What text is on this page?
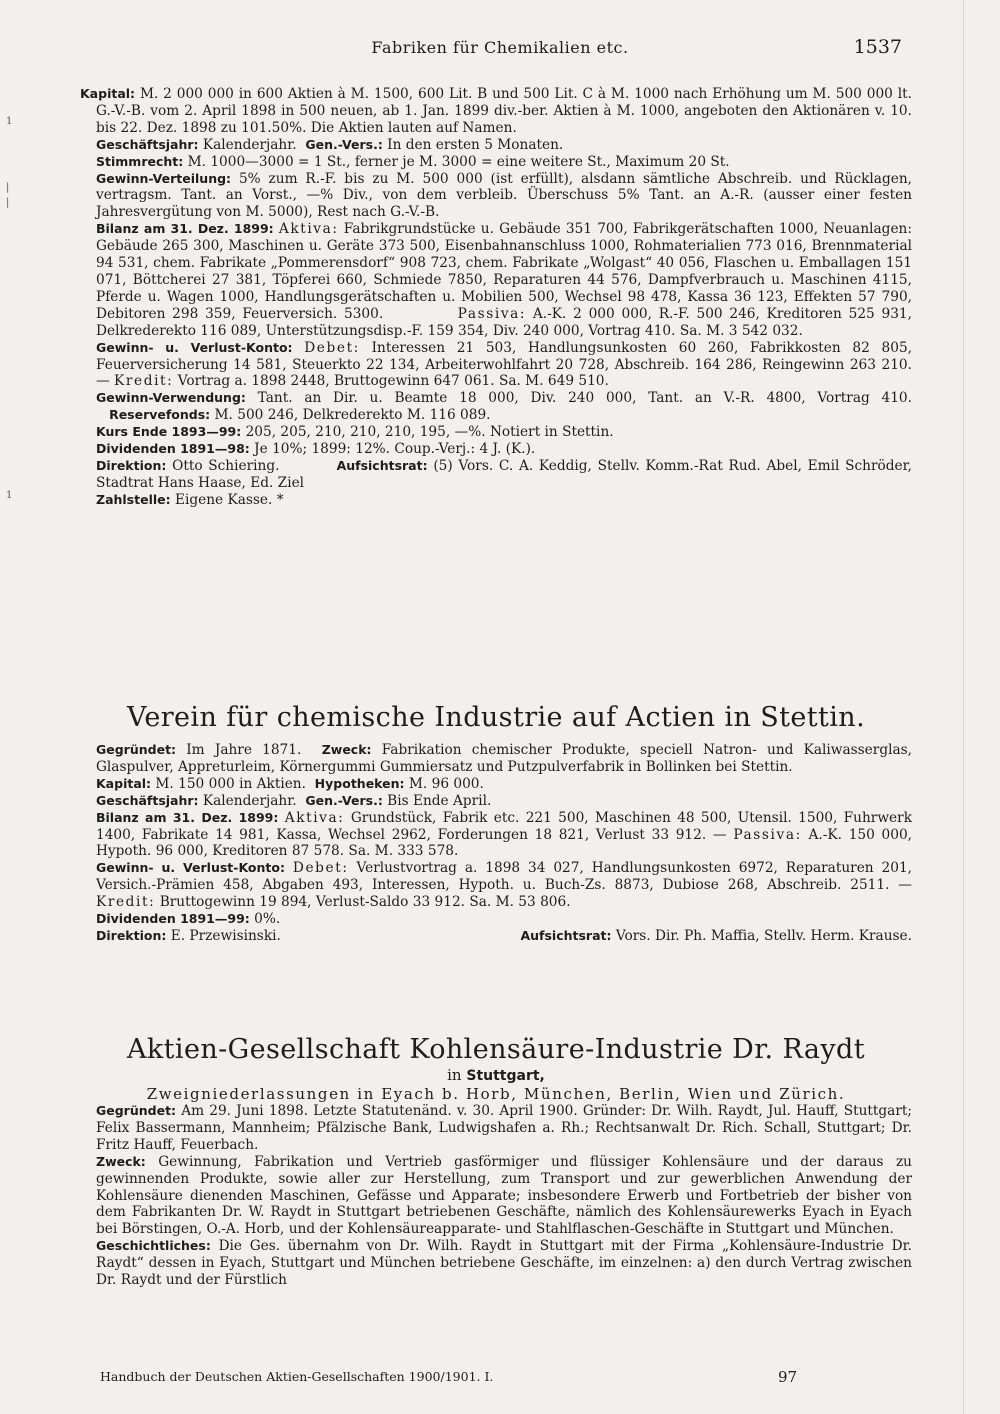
1
|
|
1
Fabriken für Chemikalien etc.	1537
Kapital: M. 2 000 000 in 600 Aktien à M. 1500, 600 Lit. B und 500 Lit. C à M. 1000 nach Erhöhung um M. 500 000 lt. G.-V.-B. vom 2. April 1898 in 500 neuen, ab 1. Jan. 1899 div.-ber. Aktien à M. 1000, angeboten den Aktionären v. 10. bis 22. Dez. 1898 zu 101.50%. Die Aktien lauten auf Namen.
Geschäftsjahr: Kalenderjahr. Gen.-Vers.: In den ersten 5 Monaten.
Stimmrecht: M. 1000—3000 = 1 St., ferner je M. 3000 = eine weitere St., Maximum 20 St.
Gewinn-Verteilung: 5% zum R.-F. bis zu M. 500 000 (ist erfüllt), alsdann sämtliche Abschreib. und Rücklagen, vertragsm. Tant. an Vorst., —% Div., von dem verbleib. Überschuss 5% Tant. an A.-R. (ausser einer festen Jahresvergütung von M. 5000), Rest nach G.-V.-B.
Bilanz am 31. Dez. 1899: Aktiva: Fabrikgrundstücke u. Gebäude 351 700, Fabrikgerätschaften 1000, Neuanlagen: Gebäude 265 300, Maschinen u. Geräte 373 500, Eisenbahnanschluss 1000, Rohmaterialien 773 016, Brennmaterial 94 531, chem. Fabrikate „Pommerensdorf“ 908 723, chem. Fabrikate „Wolgast“ 40 056, Flaschen u. Emballagen 151 071, Böttcherei 27 381, Töpferei 660, Schmiede 7850, Reparaturen 44 576, Dampfverbrauch u. Maschinen 4115, Pferde u. Wagen 1000, Handlungsgerätschaften u. Mobilien 500, Wechsel 98 478, Kassa 36 123, Effekten 57 790, Debitoren 298 359, Feuerversich. 5300.	Passiva: A.-K. 2 000 000, R.-F. 500 246, Kreditoren 525 931, Delkrederekto 116 089, Unterstützungsdisp.-F. 159 354, Div. 240 000, Vortrag 410. Sa. M. 3 542 032.
Gewinn- u. Verlust-Konto: Debet: Interessen 21 503, Handlungsunkosten 60 260, Fabrikkosten 82 805, Feuerversicherung 14 581, Steuerkto 22 134, Arbeiterwohlfahrt 20 728, Abschreib. 164 286, Reingewinn 263 210. — Kredit: Vortrag a. 1898 2448, Bruttogewinn 647 061. Sa. M. 649 510.
Gewinn-Verwendung: Tant. an Dir. u. Beamte 18 000, Div. 240 000, Tant. an V.-R. 4800, Vortrag 410.    Reservefonds: M. 500 246, Delkrederekto M. 116 089.
Kurs Ende 1893—99: 205, 205, 210, 210, 210, 195, —%. Notiert in Stettin.
Dividenden 1891—98: Je 10%; 1899: 12%. Coup.-Verj.: 4 J. (K.).
Direktion: Otto Schiering.	Aufsichtsrat: (5) Vors. C. A. Keddig, Stellv. Komm.-Rat Rud. Abel, Emil Schröder, Stadtrat Hans Haase, Ed. Ziel
Zahlstelle: Eigene Kasse. *
Verein für chemische Industrie auf Actien in Stettin.
Gegründet: Im Jahre 1871. Zweck: Fabrikation chemischer Produkte, speciell Natron- und Kaliwasserglas, Glaspulver, Appreturleim, Körnergummi Gummiersatz und Putzpulverfabrik in Bollinken bei Stettin.
Kapital: M. 150 000 in Aktien. Hypotheken: M. 96 000.
Geschäftsjahr: Kalenderjahr. Gen.-Vers.: Bis Ende April.
Bilanz am 31. Dez. 1899: Aktiva: Grundstück, Fabrik etc. 221 500, Maschinen 48 500, Utensil. 1500, Fuhrwerk 1400, Fabrikate 14 981, Kassa, Wechsel 2962, Forderungen 18 821, Verlust 33 912. — Passiva: A.-K. 150 000, Hypoth. 96 000, Kreditoren 87 578. Sa. M. 333 578.
Gewinn- u. Verlust-Konto: Debet: Verlustvortrag a. 1898 34 027, Handlungsunkosten 6972, Reparaturen 201, Versich.-Prämien 458, Abgaben 493, Interessen, Hypoth. u. Buch-Zs. 8873, Dubiose 268, Abschreib. 2511. — Kredit: Bruttogewinn 19 894, Verlust-Saldo 33 912. Sa. M. 53 806.
Dividenden 1891—99: 0%.
Direktion: E. Przewisinski.	Aufsichtsrat: Vors. Dir. Ph. Maffia, Stellv. Herm. Krause.
Aktien-Gesellschaft Kohlensäure-Industrie Dr. Raydt
in Stuttgart,
Zweigniederlassungen in Eyach b. Horb, München, Berlin, Wien und Zürich.
Gegründet: Am 29. Juni 1898. Letzte Statutenänd. v. 30. April 1900. Gründer: Dr. Wilh. Raydt, Jul. Hauff, Stuttgart; Felix Bassermann, Mannheim; Pfälzische Bank, Ludwigshafen a. Rh.; Rechtsanwalt Dr. Rich. Schall, Stuttgart; Dr. Fritz Hauff, Feuerbach.
Zweck: Gewinnung, Fabrikation und Vertrieb gasförmiger und flüssiger Kohlensäure und der daraus zu gewinnenden Produkte, sowie aller zur Herstellung, zum Transport und zur gewerblichen Anwendung der Kohlensäure dienenden Maschinen, Gefässe und Apparate; insbesondere Erwerb und Fortbetrieb der bisher von dem Fabrikanten Dr. W. Raydt in Stuttgart betriebenen Geschäfte, nämlich des Kohlensäurewerks Eyach in Eyach bei Börstingen, O.-A. Horb, und der Kohlensäureapparate- und Stahlflaschen-Geschäfte in Stuttgart und München.
Geschichtliches: Die Ges. übernahm von Dr. Wilh. Raydt in Stuttgart mit der Firma „Kohlensäure-Industrie Dr. Raydt“ dessen in Eyach, Stuttgart und München betriebene Geschäfte, im einzelnen: a) den durch Vertrag zwischen Dr. Raydt und der Fürstlich
Handbuch der Deutschen Aktien-Gesellschaften 1900/1901. I.	97
